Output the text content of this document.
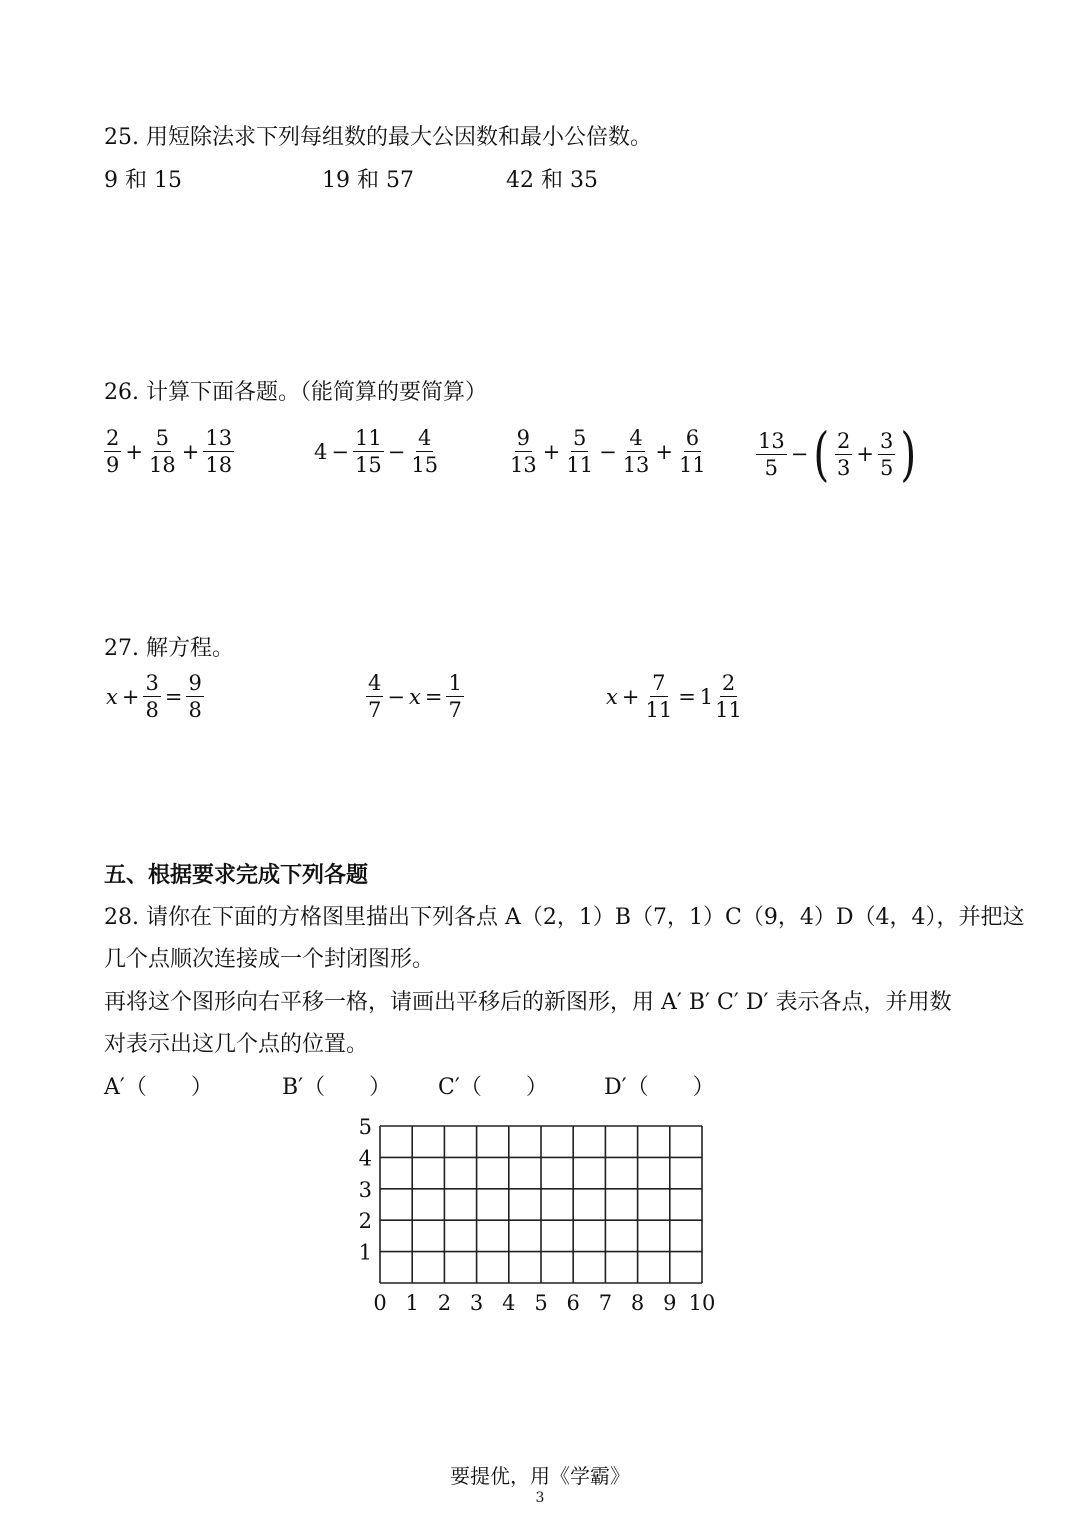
25. 用短除法求下列每组数的最大公因数和最小公倍数。
9 和 15	19 和 57	42 和 35
26. 计算下面各题。（能简算的要简算）
$\frac{2}{9} + \frac{5}{18} + \frac{13}{18}$	$4 - \frac{11}{15} - \frac{4}{15}$	$\frac{9}{13} + \frac{5}{11} - \frac{4}{13} + \frac{6}{11} \frac{13}{5}$ − ( $\frac{2}{3} + \frac{3}{5}$ )
27. 解方程。
$x + \frac{3}{8} = \frac{9}{8}$	$\frac{4}{7} - x = \frac{1}{7}$	$x + \frac{7}{11} = 1 \frac{2}{11}$
五、根据要求完成下列各题
28. 请你在下面的方格图里描出下列各点 A（2，1）B（7，1）C（9，4）D（4，4），并把这
几个点顺次连接成一个封闭图形。
再将这个图形向右平移一格，请画出平移后的新图形，用 A′ B′ C′ D′ 表示各点，并用数
对表示出这几个点的位置。
A′（　　）	B′（　　） C′（　　）	D′（　　）
0 1 2 3 4 5 6 7 8 9 10
1
2
3
4
5
要提优，用《学霸》
3
